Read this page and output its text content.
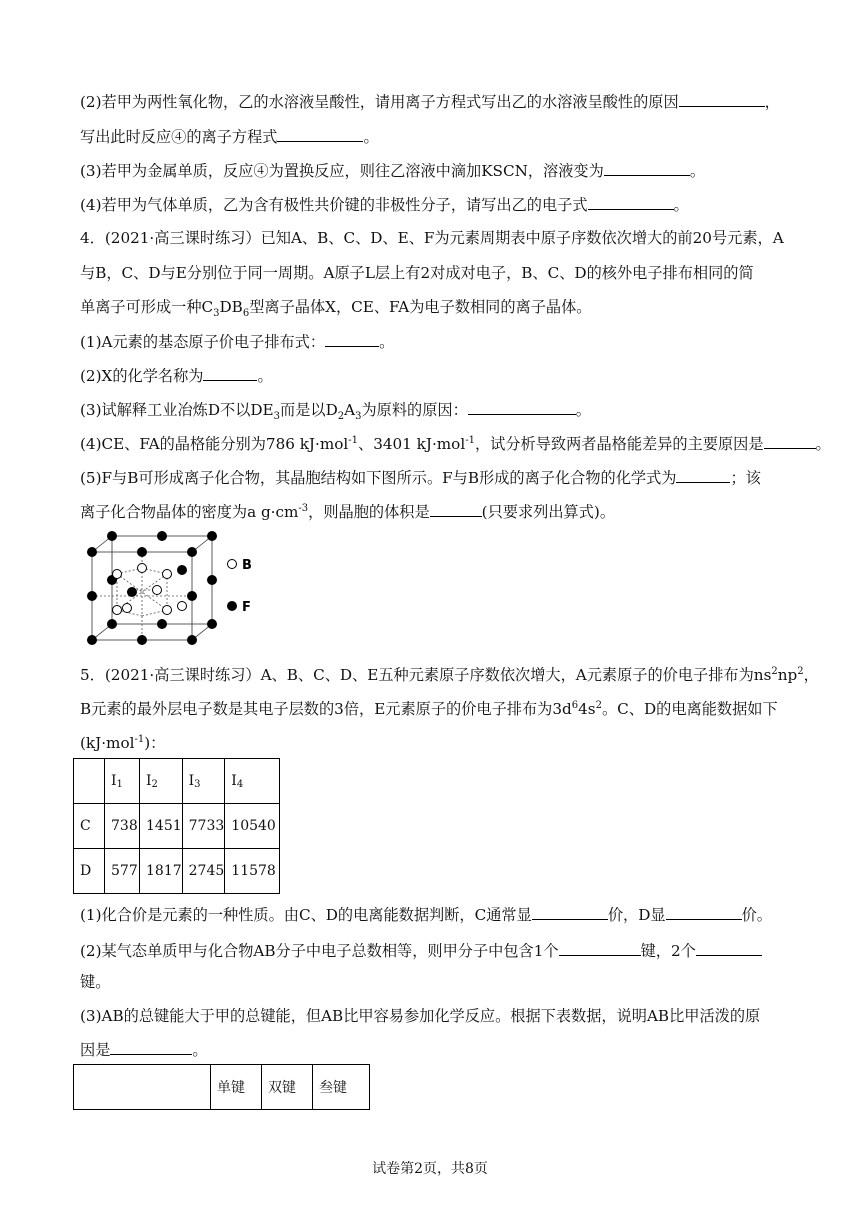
(2)若甲为两性氧化物，乙的水溶液呈酸性，请用离子方程式写出乙的水溶液呈酸性的原因	，
写出此时反应④的离子方程式	。
(3)若甲为金属单质，反应④为置换反应，则往乙溶液中滴加KSCN，溶液变为	。
(4)若甲为气体单质，乙为含有极性共价键的非极性分子，请写出乙的电子式	。
4．(2021·高三课时练习）已知A、B、C、D、E、F为元素周期表中原子序数依次增大的前20号元素，A
与B，C、D与E分别位于同一周期。A原子L层上有2对成对电子，B、C、D的核外电子排布相同的简
单离子可形成一种$C_3DB_6$型离子晶体X，CE、FA为电子数相同的离子晶体。
(1)A元素的基态原子价电子排布式：	。
(2)X的化学名称为	。
(3)试解释工业冶炼D不以$DE_3$而是以$D_2A_3$为原料的原因：	。
(4)CE、FA的晶格能分别为786 kJ·mol$^{-1}$、3401 kJ·mol$^{-1}$，试分析导致两者晶格能差异的主要原因是	。
(5)F与B可形成离子化合物，其晶胞结构如下图所示。F与B形成的离子化合物的化学式为	；该
离子化合物晶体的密度为a $g\cdot cm^{-3}$，则晶胞的体积是	(只要求列出算式)。
B
F
5．(2021·高三课时练习）A、B、C、D、E五种元素原子序数依次增大，A元素原子的价电子排布为$ns^2np^2$，
B元素的最外层电子数是其电子层数的3倍，E元素原子的价电子排布为$3d^64s^2$。C、D的电离能数据如下
(kJ·mol$^{-1}$)：
	I1	I2	I3	I4
C	738	1451	7733	10540
D	577	1817	2745	11578
(1)化合价是元素的一种性质。由C、D的电离能数据判断，C通常显	价，D显	价。
(2)某气态单质甲与化合物AB分子中电子总数相等，则甲分子中包含1个	键，2个
键。
(3)AB的总键能大于甲的总键能，但AB比甲容易参加化学反应。根据下表数据，说明AB比甲活泼的原
因是	。
	单键	双键	叁键
试卷第2页，共8页
